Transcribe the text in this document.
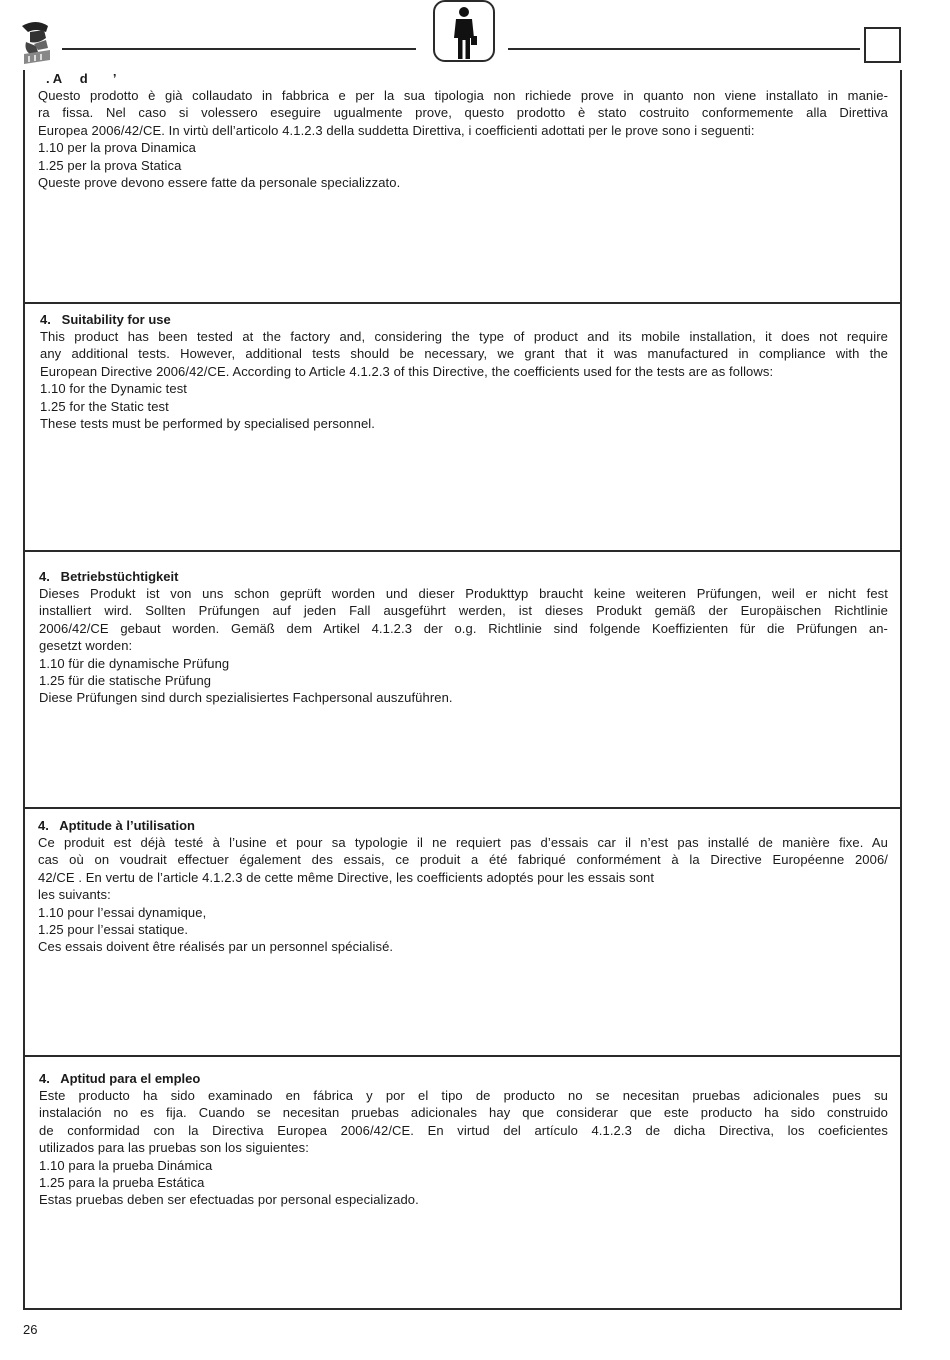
. A     d       ’

Questo prodotto è già collaudato in fabbrica e per la sua tipologia non richiede prove in quanto non viene installato in manie-

ra fissa. Nel caso si volessero eseguire ugualmente prove, questo prodotto è stato costruito conformemente alla Direttiva

Europea 2006/42/CE. In virtù dell’articolo 4.1.2.3 della suddetta Direttiva, i coefficienti adottati per le prove sono i seguenti:

1.10 per la prova Dinamica

1.25 per la prova Statica

Queste prove devono essere fatte da personale specializzato.

4.   Suitability for use

This product has been tested at the factory and, considering the type of product and its mobile installation, it does not require

any additional tests. However, additional tests should be necessary, we grant that it was manufactured in compliance with the

European Directive 2006/42/CE. According to Article 4.1.2.3 of this Directive, the coefficients used for the tests are as follows:

1.10 for the Dynamic test

1.25 for the Static test

These tests must be performed by specialised personnel.

4.   Betriebstüchtigkeit

Dieses Produkt ist von uns schon geprüft worden und dieser Produkttyp braucht keine weiteren Prüfungen, weil er nicht fest

installiert wird. Sollten Prüfungen auf jeden Fall ausgeführt werden, ist dieses Produkt gemäß der Europäischen Richtlinie

2006/42/CE gebaut worden. Gemäß dem Artikel 4.1.2.3 der o.g. Richtlinie sind folgende Koeffizienten für die Prüfungen an-

gesetzt worden:

1.10 für die dynamische Prüfung

1.25 für die statische Prüfung

Diese Prüfungen sind durch spezialisiertes Fachpersonal auszuführen.

4.   Aptitude à l’utilisation

Ce produit est déjà testé à l’usine et pour sa typologie il ne requiert pas d’essais car il n’est pas installé de manière fixe. Au

cas où on voudrait effectuer également des essais, ce produit a été fabriqué conformément à la Directive Européenne 2006/

42/CE . En vertu de l’article 4.1.2.3 de cette même Directive, les coefficients adoptés pour les essais sont

les suivants:

1.10 pour l’essai dynamique,

1.25 pour l’essai statique.

Ces essais doivent être réalisés par un personnel spécialisé.

4.   Aptitud para el empleo

Este producto ha sido examinado en fábrica y por el tipo de producto no se necesitan pruebas adicionales pues su

instalación no es fija. Cuando se necesitan pruebas adicionales hay que considerar que este producto ha sido construido

de conformidad con la Directiva Europea 2006/42/CE. En virtud del artículo 4.1.2.3 de dicha Directiva, los coeficientes

utilizados para las pruebas son los siguientes:

1.10 para la prueba Dinámica

1.25 para la prueba Estática

Estas pruebas deben ser efectuadas por personal especializado.

26
